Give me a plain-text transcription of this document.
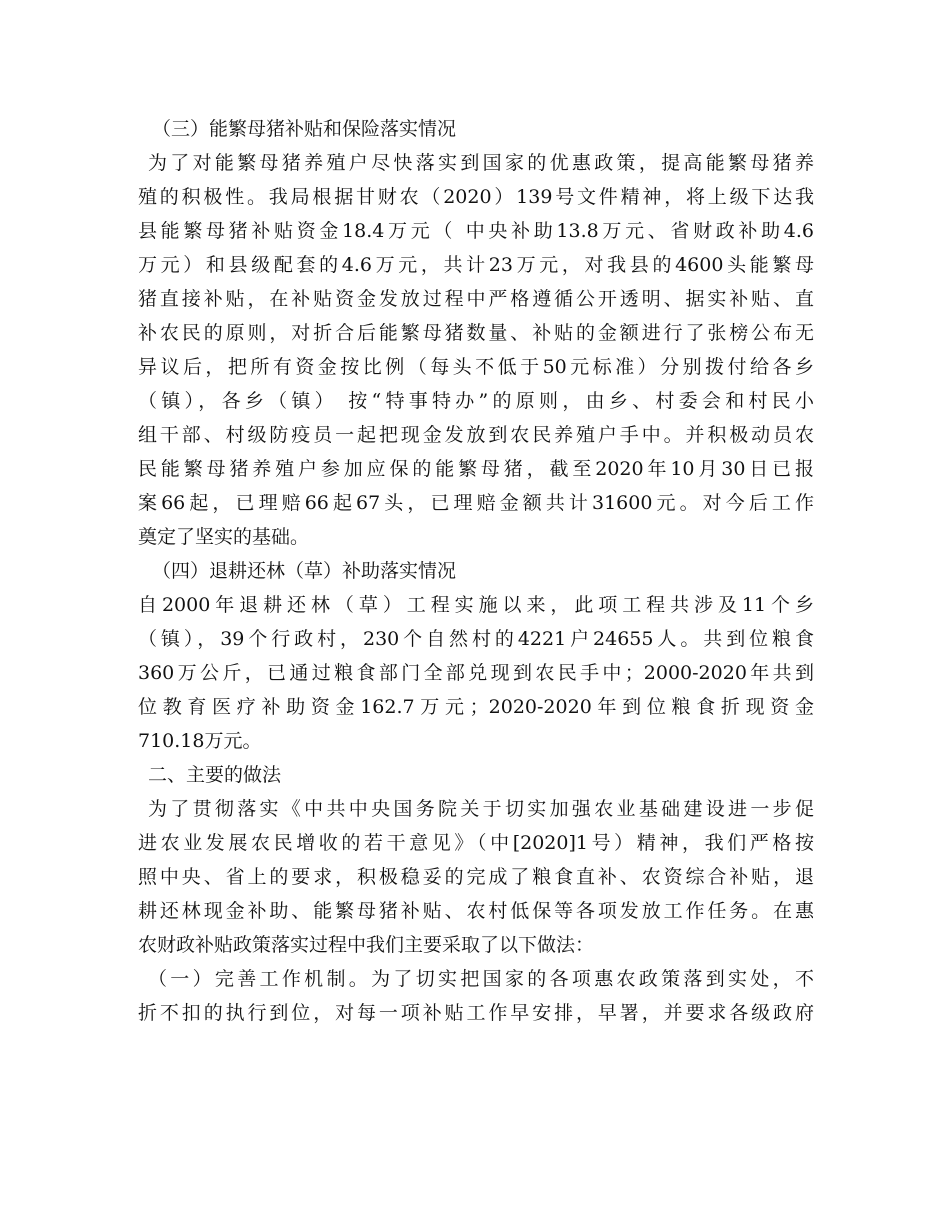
（三）能繁母猪补贴和保险落实情况
为了对能繁母猪养殖户尽快落实到国家的优惠政策，提高能繁母猪养
殖的积极性。我局根据甘财农（2020）139号文件精神，将上级下达我
县能繁母猪补贴资金18.4万元（ 中央补助13.8万元、省财政补助4.6
万元）和县级配套的4.6万元，共计23万元，对我县的4600头能繁母
猪直接补贴，在补贴资金发放过程中严格遵循公开透明、据实补贴、直
补农民的原则，对折合后能繁母猪数量、补贴的金额进行了张榜公布无
异议后，把所有资金按比例（每头不低于50元标准）分别拨付给各乡
（镇），各乡（镇） 按“特事特办”的原则，由乡、村委会和村民小
组干部、村级防疫员一起把现金发放到农民养殖户手中。并积极动员农
民能繁母猪养殖户参加应保的能繁母猪，截至2020年10月30日已报
案66起，已理赔66起67头，已理赔金额共计31600元。对今后工作
奠定了坚实的基础。
（四）退耕还林（草）补助落实情况
自2000年退耕还林（草）工程实施以来，此项工程共涉及11个乡
（镇），39个行政村，230个自然村的4221户24655人。共到位粮食
360万公斤，已通过粮食部门全部兑现到农民手中；2000-2020年共到
位教育医疗补助资金162.7万元；2020-2020年到位粮食折现资金
710.18万元。
二、主要的做法
为了贯彻落实《中共中央国务院关于切实加强农业基础建设进一步促
进农业发展农民增收的若干意见》（中[2020]1号）精神，我们严格按
照中央、省上的要求，积极稳妥的完成了粮食直补、农资综合补贴，退
耕还林现金补助、能繁母猪补贴、农村低保等各项发放工作任务。在惠
农财政补贴政策落实过程中我们主要采取了以下做法：
（一）完善工作机制。为了切实把国家的各项惠农政策落到实处，不
折不扣的执行到位，对每一项补贴工作早安排，早署，并要求各级政府
